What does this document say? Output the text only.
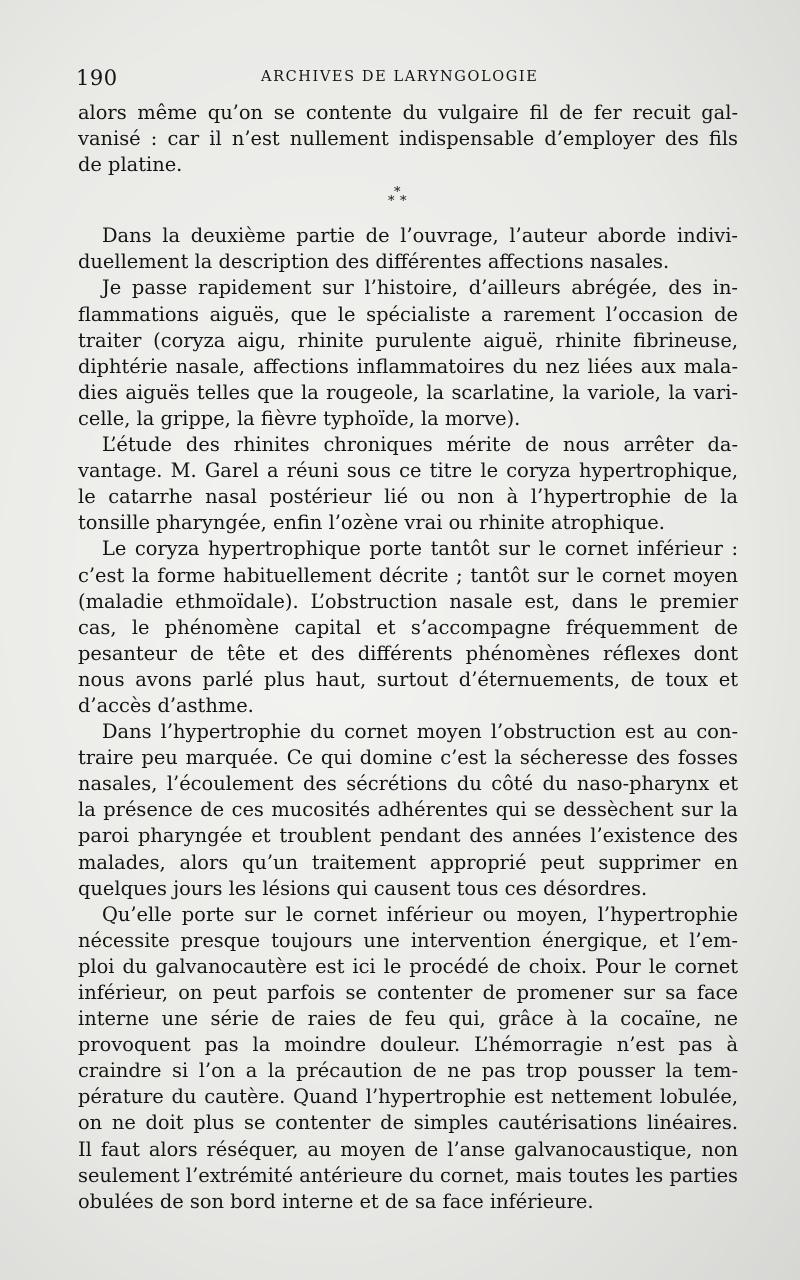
190	ARCHIVES DE LARYNGOLOGIE
alors même qu’on se contente du vulgaire fil de fer recuit gal-
vanisé : car il n’est nullement indispensable d’employer des fils
de platine.
*
* *
Dans la deuxième partie de l’ouvrage, l’auteur aborde indivi-
duellement la description des différentes affections nasales.
Je passe rapidement sur l’histoire, d’ailleurs abrégée, des in-
flammations aiguës, que le spécialiste a rarement l’occasion de
traiter (coryza aigu, rhinite purulente aiguë, rhinite fibrineuse,
diphtérie nasale, affections inflammatoires du nez liées aux mala-
dies aiguës telles que la rougeole, la scarlatine, la variole, la vari-
celle, la grippe, la fièvre typhoïde, la morve).
L’étude des rhinites chroniques mérite de nous arrêter da-
vantage. M. Garel a réuni sous ce titre le coryza hypertrophique,
le catarrhe nasal postérieur lié ou non à l’hypertrophie de la
tonsille pharyngée, enfin l’ozène vrai ou rhinite atrophique.
Le coryza hypertrophique porte tantôt sur le cornet inférieur :
c’est la forme habituellement décrite ; tantôt sur le cornet moyen
(maladie ethmoïdale). L’obstruction nasale est, dans le premier
cas, le phénomène capital et s’accompagne fréquemment de
pesanteur de tête et des différents phénomènes réflexes dont
nous avons parlé plus haut, surtout d’éternuements, de toux et
d’accès d’asthme.
Dans l’hypertrophie du cornet moyen l’obstruction est au con-
traire peu marquée. Ce qui domine c’est la sécheresse des fosses
nasales, l’écoulement des sécrétions du côté du naso-pharynx et
la présence de ces mucosités adhérentes qui se dessèchent sur la
paroi pharyngée et troublent pendant des années l’existence des
malades, alors qu’un traitement approprié peut supprimer en
quelques jours les lésions qui causent tous ces désordres.
Qu’elle porte sur le cornet inférieur ou moyen, l’hypertrophie
nécessite presque toujours une intervention énergique, et l’em-
ploi du galvanocautère est ici le procédé de choix. Pour le cornet
inférieur, on peut parfois se contenter de promener sur sa face
interne une série de raies de feu qui, grâce à la cocaïne, ne
provoquent pas la moindre douleur. L’hémorragie n’est pas à
craindre si l’on a la précaution de ne pas trop pousser la tem-
pérature du cautère. Quand l’hypertrophie est nettement lobulée,
on ne doit plus se contenter de simples cautérisations linéaires.
Il faut alors réséquer, au moyen de l’anse galvanocaustique, non
seulement l’extrémité antérieure du cornet, mais toutes les parties
obulées de son bord interne et de sa face inférieure.
